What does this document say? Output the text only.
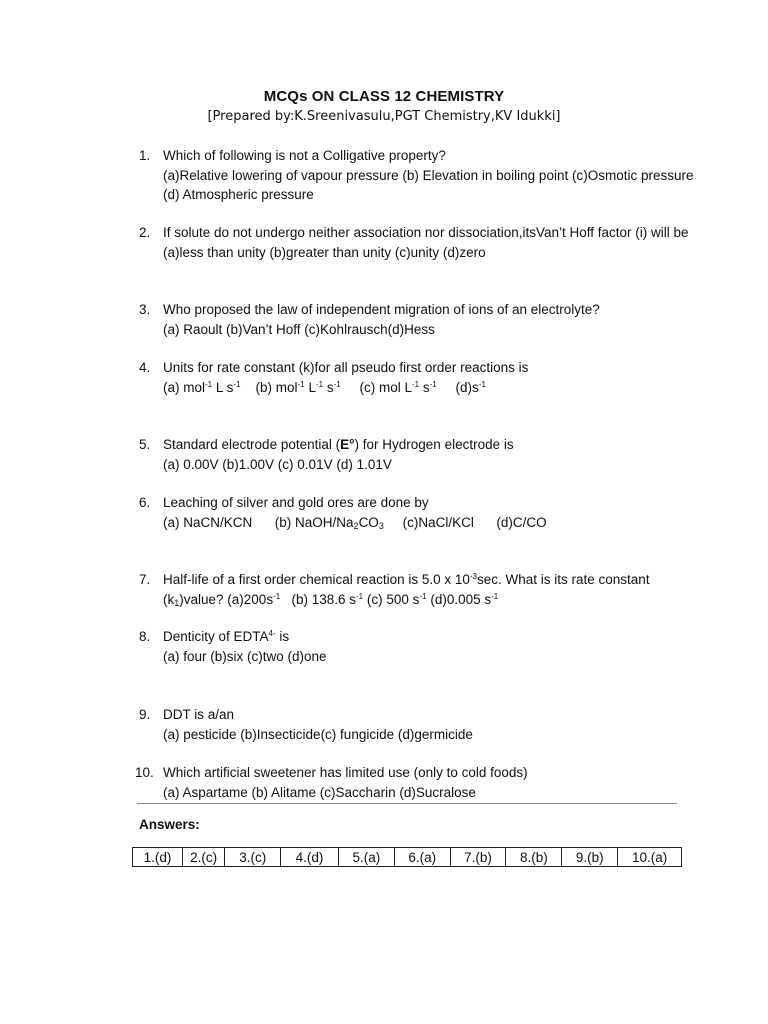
MCQs ON CLASS 12 CHEMISTRY
[Prepared by:K.Sreenivasulu,PGT Chemistry,KV Idukki]
1. Which of following is not a Colligative property?
(a)Relative lowering of vapour pressure (b) Elevation in boiling point (c)Osmotic pressure
(d) Atmospheric pressure
2. If solute do not undergo neither association nor dissociation,itsVan’t Hoff factor (i) will be
(a)less than unity (b)greater than unity (c)unity (d)zero
3. Who proposed the law of independent migration of ions of an electrolyte?
(a) Raoult (b)Van’t Hoff (c)Kohlrausch(d)Hess
4. Units for rate constant (k)for all pseudo first order reactions is
(a) mol$^{-1}$ L $s^{-1}$ (b) mol$^{-1}$ $L^{-1}$ $s^{-1}$ (c) mol $L^{-1}$ $s^{-1}$ $(d)s^{-1}$
5. Standard electrode potential (E°) for Hydrogen electrode is
(a) 0.00V (b)1.00V (c) 0.01V (d) 1.01V
6. Leaching of silver and gold ores are done by
(a) NaCN/KCN (b) NaOH/$Na_2CO_3$ (c)NaCl/KCl (d)C/CO
7. Half-life of a first order chemical reaction is 5.0 x $10^{-3}\sec$. What is its rate constant
$(k_1)value$? $(a)200s^{-1}$ (b) 138.6 $s^{-1}$ (c) 500 $s^{-1}$ (d)0.005 $s^{-1}$
8. Denticity of $EDTA^{4-}$ is
(a) four (b)six (c)two (d)one
9. DDT is a/an
(a) pesticide (b)Insecticide(c) fungicide (d)germicide
10. Which artificial sweetener has limited use (only to cold foods)
(a) Aspartame (b) Alitame (c)Saccharin (d)Sucralose
Answers:
1.(d)	2.(c)	3.(c)	4.(d)	5.(a)	6.(a)	7.(b)	8.(b)	9.(b)	10.(a)
